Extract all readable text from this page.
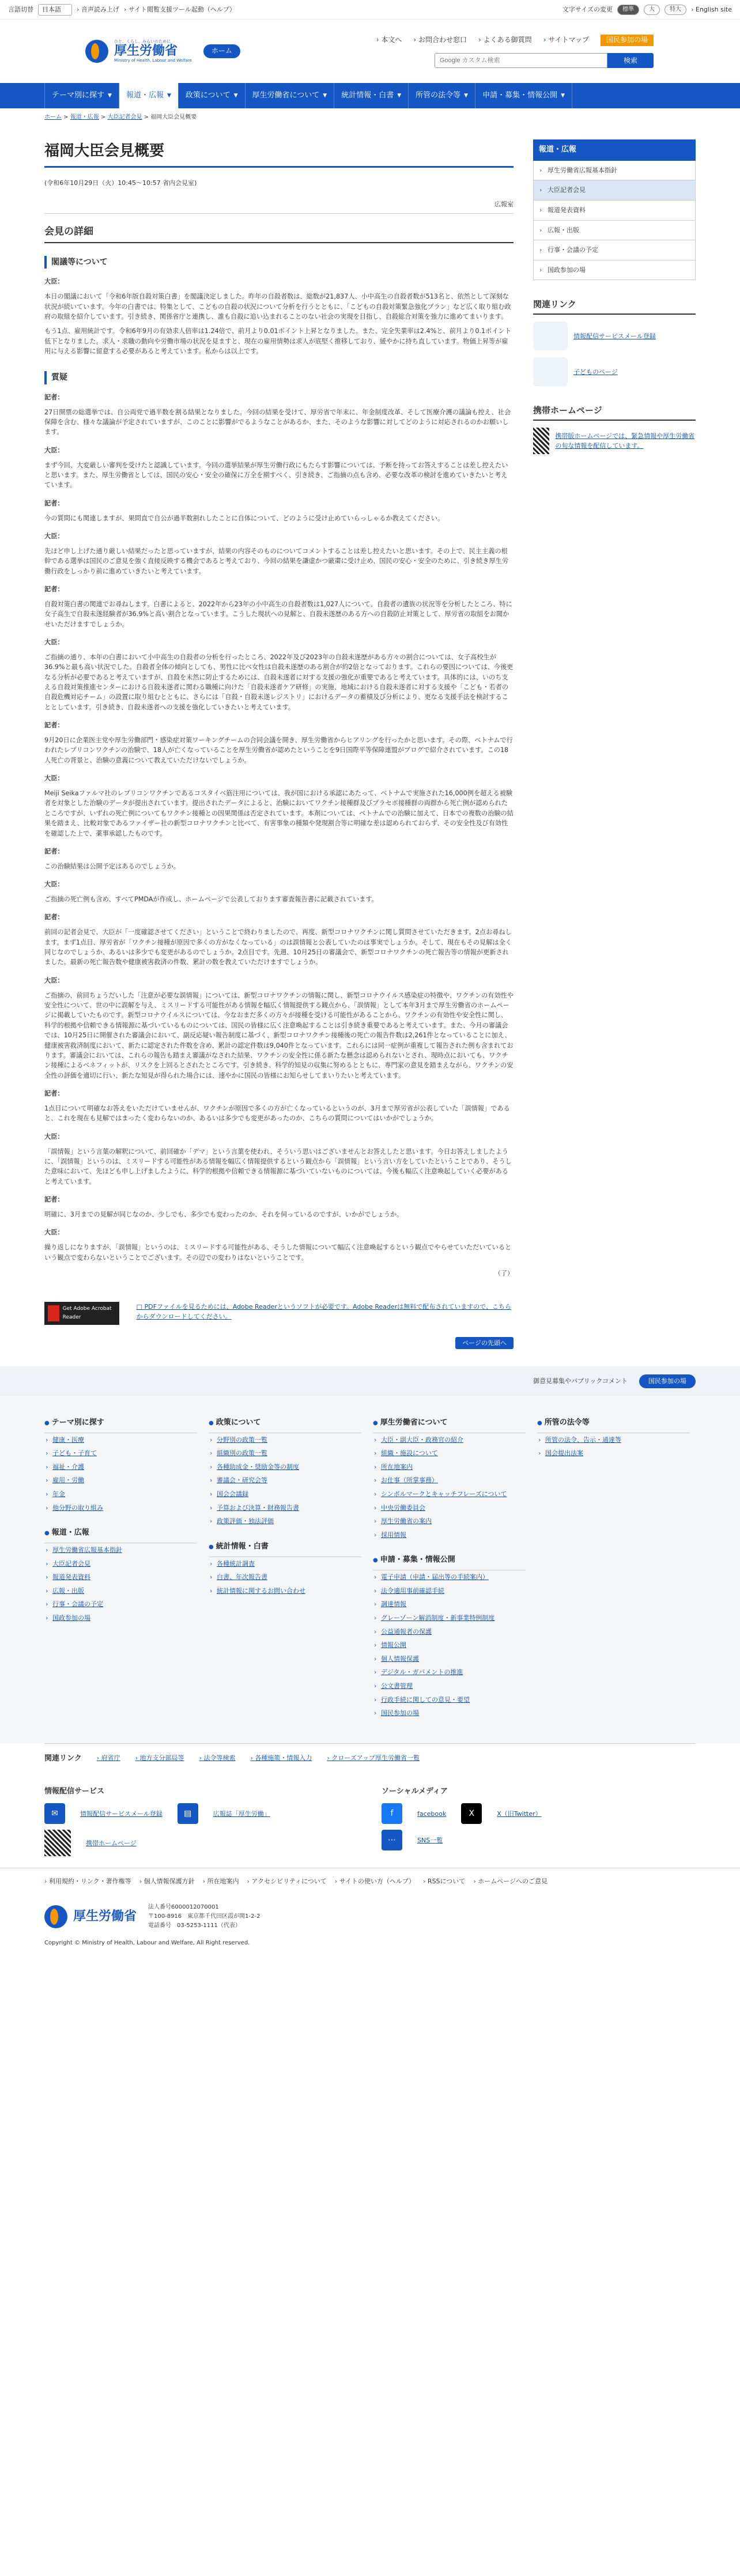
言語切替	日本語	› 音声読み上げ	› サイト閲覧支援ツール起動（ヘルプ）	文字サイズの変更	標準	大	特大	› English site
ひと、くらし、みらいのために
厚生労働省
Ministry of Health, Labour and Welfare
ホーム
› 本文へ	› お問合わせ窓口	› よくある御質問	› サイトマップ	国民参加の場
Google カスタム検索
検索
テーマ別に探す ▼ 報道・広報 ▼ 政策について ▼ 厚生労働省について ▼ 統計情報・白書 ▼ 所管の法令等 ▼ 申請・募集・情報公開 ▼
ホーム > 報道・広報 > 大臣記者会見 > 福岡大臣会見概要
福岡大臣会見概要
(令和6年10月29日（火）10:45～10:57 省内会見室)
広報室
会見の詳細
閣議等について
大臣：

本日の閣議において「令和6年版自殺対策白書」を閣議決定しました。昨年の自殺者数は、総数が21,837人、小中高生の自殺者数が513名と、依然として深刻な状況が続いています。今年の白書では、特集として、こどもの自殺の状況について分析を行うとともに、「こどもの自殺対策緊急強化プラン」など広く取り組む政府の取組を紹介しています。引き続き、関係省庁と連携し、誰も自殺に追い込まれることのない社会の実現を目指し、自殺総合対策を強力に進めてまいります。

もう1点、雇用統計です。令和6年9月の有効求人倍率は1.24倍で、前月より0.01ポイント上昇となりました。また、完全失業率は2.4%と、前月より0.1ポイント低下となりました。求人・求職の動向や労働市場の状況を見ますと、現在の雇用情勢は求人が底堅く推移しており、緩やかに持ち直しています。物価上昇等が雇用に与える影響に留意する必要があると考えています。私からは以上です。

質疑
記者：

27日開票の総選挙では、自公両党で過半数を割る結果となりました。今回の結果を受けて、厚労省で年末に、年金制度改革、そして医療介護の議論も控え、社会保障を含む、様々な議論が予定されていますが、このことに影響がでるようなことがあるか、また、そのような影響に対してどのように対応されるのかお願いします。

大臣：

まず今回、大変厳しい審判を受けたと認識しています。今回の選挙結果が厚生労働行政にもたらす影響については、予断を持ってお答えすることは差し控えたいと思います。また、厚生労働省としては、国民の安心・安全の確保に万全を期すべく、引き続き、ご指摘の点も含め、必要な改革の検討を進めていきたいと考えています。

記者：

今の質問にも関連しますが、果問直で自公が過半数割れしたことに自体について、どのように受け止めていらっしゃるか教えてください。

大臣：

先ほど申し上げた通り厳しい結果だったと思っていますが、結果の内容そのものについてコメントすることは差し控えたいと思います。その上で、民主主義の根幹である選挙は国民のご意見を強く直接反映する機会であると考えており、今回の結果を謙虚かつ厳粛に受け止め、国民の安心・安全のために、引き続き厚生労働行政をしっかり前に進めていきたいと考えています。

記者：

自殺対策白書の関連でお尋ねします。白書によると、2022年から23年の小中高生の自殺者数は1,027人について、自殺者の遺族の状況等を分析したところ、特に女子高生で自殺未遂経験者が36.9%と高い割合となっています。こうした現状への見解と、自殺未遂歴のある方への自殺防止対策として、厚労省の取組をお聞かせいただけますでしょうか。

大臣：

ご指摘の通り、本年の白書において小中高生の自殺者の分析を行ったところ、2022年及び2023年の自殺未遂歴がある方々の割合については、女子高校生が36.9%と最も高い状況でした。自殺者全体の傾向としても、男性に比べ女性は自殺未遂歴のある割合が約2倍となっております。これらの要因については、今後更なる分析が必要であると考えていますが、自殺を未然に防止するためには、自殺未遂者に対する支援の強化が重要であると考えています。具体的には、いのち支える自殺対策推進センターにおける自殺未遂者に関わる職種に向けた「自殺未遂者ケア研修」の実施、地域における自殺未遂者に対する支援や「こども・若者の自殺危機対応チーム」の設置に取り組むとともに、さらには「自殺・自殺未遂レジストリ」におけるデータの蓄積及び分析により、更なる支援手法を検討することとしています。引き続き、自殺未遂者への支援を強化していきたいと考えています。

記者：

9月20日に企業医主党や厚生労働部門・感染症対策ワーキングチームの合同会議を開き、厚生労働省からヒアリングを行ったかと思います。その際、ベトナムで行われたレプリコンワクチンの治験で、18人が亡くなっていることを厚生労働省が認めたということを9日国際平等保障連盟がブログで紹介されています。この18人死亡の背景と、治験の意義について教えていただけないでしょうか。

大臣：

Meiji Seikaファルマ社のレプリコンワクチンであるコスタイベ筋注用については、我が国における承認にあたって、ベトナムで実施された16,000例を超える被験者を対象とした治験のデータが提出されています。提出されたデータによると、治験においてワクチン接種群及びプラセボ接種群の両群から死亡例が認められたところですが、いずれの死亡例についてもワクチン接種との因果関係は否定されています。本剤については、ベトナムでの治験に加えて、日本での複数の治験の結果を踏まえ、比較対象であるファイザー社の新型コロナワクチンと比べて、有害事象の種類や発現割合等に明確な差は認められておらず、その安全性及び有効性を確認した上で、薬事承認したものです。

記者：

この治験結果は公開予定はあるのでしょうか。

大臣：

ご指摘の死亡例も含め、すべてPMDAが作成し、ホームページで公表しております審査報告書に記載されています。

記者：

前回の記者会見で、大臣が「一度確認させてください」ということで終わりましたので、再度、新型コロナワクチンに関し質問させていただきます。2点お尋ねします。まず1点目、厚労省が「ワクチン接種が原因で多くの方がなくなっている」のは誤情報と公表していたのは事実でしょうか。そして、現在もその見解は全く同じなのでしょうか、あるいは多少でも変更があるのでしょうか。2点目です。先週、10月25日の審議会で、新型コロナワクチンの死亡報告等の情報が更新されました。最新の死亡報告数や健康被害救済の件数、累計の数を教えていただけますでしょうか。

大臣：

ご指摘の、前回ちょうだいした「注意が必要な誤情報」については、新型コロナワクチンの情報に関し、新型コロナウイルス感染症の特徴や、ワクチンの有効性や安全性について、世の中に誤解を与え、ミスリードする可能性がある情報を幅広く情報提供する観点から、「誤情報」として本年3月まで厚生労働省のホームページに掲載していたものです。新型コロナウイルスについては、今なおまだ多くの方々が接種を受ける可能性があることから、ワクチンの有効性や安全性に関し、科学的根拠や信頼できる情報源に基づいているものについては、国民の皆様に広く注意喚起することは引き続き重要であると考えています。また、今月の審議会では、10月25日に開催された審議会において、副反応疑い報告制度に基づく、新型コロナワクチン接種後の死亡の報告件数は2,261件となっていることに加え、健康被害救済制度において、新たに認定された件数を含め、累計の認定件数は9,040件となっています。これらには同一症例が重複して報告された例も含まれております。審議会においては、これらの報告も踏まえ審議がなされた結果、ワクチンの安全性に係る新たな懸念は認められないとされ、現時点においても、ワクチン接種によるベネフィットが、リスクを上回るとされたところです。引き続き、科学的知見の収集に努めるとともに、専門家の意見を踏まえながら、ワクチンの安全性の評価を適切に行い、新たな知見が得られた場合には、速やかに国民の皆様にお知らせしてまいりたいと考えています。

記者：

1点目について明確なお答えをいただけていませんが、ワクチンが原因で多くの方が亡くなっているというのが、3月まで厚労省が公表していた「誤情報」であると、これを現在も見解ではまったく変わらないのか、あるいは多少でも変更があったのか、こちらの質問についてはいかがでしょうか。

大臣：

「誤情報」という言葉の解釈について、前回確か「デマ」という言葉を使われ、そういう思いはございませんとお答えしたと思います。今日お答えしましたように、「誤情報」というのは、ミスリードする可能性がある情報を幅広く情報提供するという観点から「誤情報」という言い方をしていたということであり、そうした意味において、先ほども申し上げましたように、科学的根拠や信頼できる情報源に基づいていないものについては、今後も幅広く注意喚起していく必要があると考えています。

記者：

明確に、3月までの見解が同じなのか、少しでも、多少でも変わったのか、それを伺っているのですが、いかがでしょうか。

大臣：

繰り返しになりますが、「誤情報」というのは、ミスリードする可能性がある、そうした情報について幅広く注意喚起するという観点でやらせていただいているという観点で変わらないということでございます。その辺での変わりはないということです。

（了）
Get Adobe Acrobat Reader
□ PDFファイルを見るためには、Adobe Readerというソフトが必要です。Adobe Readerは無料で配布されていますので、こちらからダウンロードしてください。
ページの先頭へ
報道・広報
› 厚生労働省広報基本指針
› 大臣記者会見
› 報道発表資料
› 広報・出版
› 行事・会議の予定
› 国政参加の場
関連リンク
情報配信サービスメール登録
子どものページ
携帯ホームページ
携帯版ホームページでは、緊急情報や厚生労働省の旬な情報を配信しています。
御意見募集やパブリックコメント	国民参加の場
● テーマ別に探す
› 健康・医療
› 子ども・子育て
› 福祉・介護
› 雇用・労働
› 年金
› 他分野の取り組み
● 報道・広報
› 厚生労働省広報基本指針
› 大臣記者会見
› 報道発表資料
› 広報・出版
› 行事・会議の予定
› 国政参加の場
● 政策について
› 分野別の政策一覧
› 組織別の政策一覧
› 各種助成金・奨励金等の制度
› 審議会・研究会等
› 国会会議録
› 予算および決算・財務報告書
› 政策評価・独法評価
● 統計情報・白書
› 各種統計調査
› 白書、年次報告書
› 統計情報に関するお問い合わせ
● 厚生労働省について
› 大臣・副大臣・政務官の紹介
› 組織・施設について
› 所在地案内
› お仕事（所掌事務）
› シンボルマークとキャッチフレーズについて
› 中央労働委員会
› 厚生労働省の案内
› 採用情報
● 申請・募集・情報公開
› 電子申請（申請・届出等の手続案内）
› 法令適用事前確認手続
› 調達情報
› グレーゾーン解消制度・新事業特例制度
› 公益通報者の保護
› 情報公開
› 個人情報保護
› デジタル・ガバメントの推進
› 公文書管理
› 行政手続に関しての意見・要望
› 国民参加の場
● 所管の法令等
› 所管の法令、告示・通達等
› 国会提出法案
関連リンク	› 府省庁	› 地方支分部局等	› 法令等検索	› 各種施策・情報入力	› クローズアップ厚生労働省一覧
情報配信サービス
✉	情報配信サービスメール登録	▤	広報誌「厚生労働」
携帯ホームページ
ソーシャルメディア
f	facebook	X	X（旧Twitter）
⋯	SNS一覧
› 利用規約・リンク・著作権等	› 個人情報保護方針	› 所在地案内	› アクセシビリティについて	› サイトの使い方（ヘルプ）	› RSSについて	› ホームページへのご意見
厚生労働省
法人番号6000012070001
〒100-8916　東京都千代田区霞が関1-2-2
電話番号　03-5253-1111（代表）
Copyright © Ministry of Health, Labour and Welfare, All Right reserved.
